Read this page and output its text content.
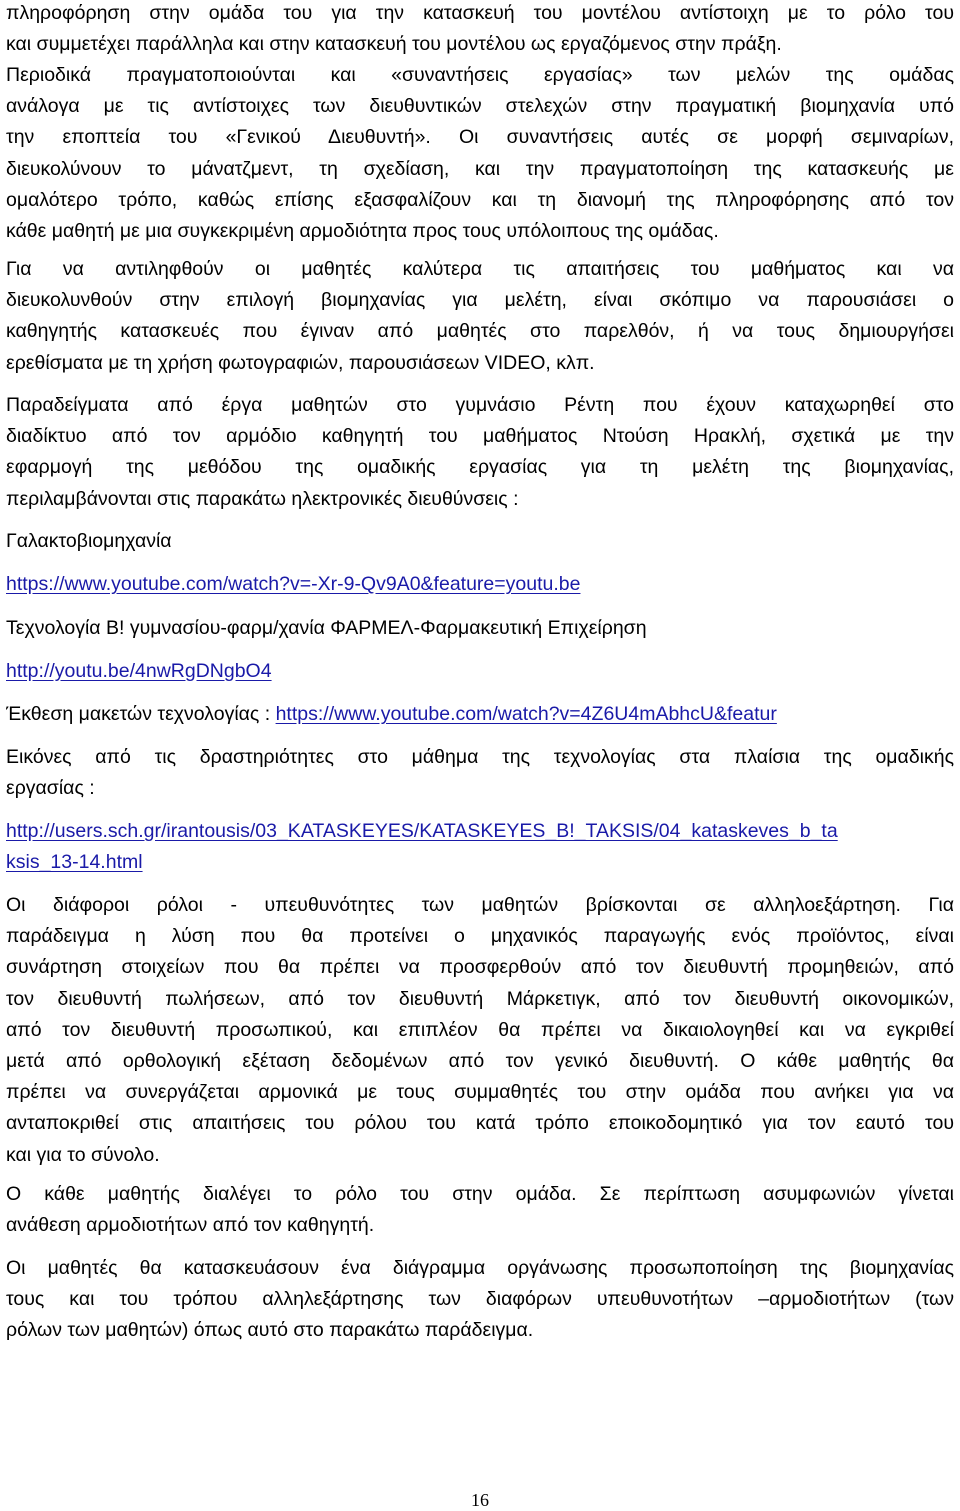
πληροφόρηση στην ομάδα του για την κατασκευή του μοντέλου αντίστοιχη με το ρόλο του
και συμμετέχει παράλληλα και στην κατασκευή του μοντέλου ως εργαζόμενος στην πράξη.

Περιοδικά πραγματοποιούνται και «συναντήσεις εργασίας» των μελών της ομάδας
ανάλογα με τις αντίστοιχες των διευθυντικών στελεχών στην πραγματική βιομηχανία υπό
την εποπτεία του «Γενικού Διευθυντή». Οι συναντήσεις αυτές σε μορφή σεμιναρίων,
διευκολύνουν το μάνατζμεντ, τη σχεδίαση, και την πραγματοποίηση της κατασκευής με
ομαλότερο τρόπο, καθώς επίσης εξασφαλίζουν και τη διανομή της πληροφόρησης από τον
κάθε μαθητή με μια συγκεκριμένη αρμοδιότητα προς τους υπόλοιπους της ομάδας.

Για να αντιληφθούν οι μαθητές καλύτερα τις απαιτήσεις του μαθήματος και να
διευκολυνθούν στην επιλογή βιομηχανίας για μελέτη, είναι σκόπιμο να παρουσιάσει ο
καθηγητής κατασκευές που έγιναν από μαθητές στο παρελθόν, ή να τους δημιουργήσει
ερεθίσματα με τη χρήση φωτογραφιών, παρουσιάσεων VIDEO, κλπ.

Παραδείγματα από έργα μαθητών στο γυμνάσιο Ρέντη που έχουν καταχωρηθεί στο
διαδίκτυο από τον αρμόδιο καθηγητή του μαθήματος Ντούση Ηρακλή, σχετικά με την
εφαρμογή της μεθόδου της ομαδικής εργασίας για τη μελέτη της βιομηχανίας,
περιλαμβάνονται στις παρακάτω ηλεκτρονικές διευθύνσεις :

Γαλακτοβιομηχανία

https://www.youtube.com/watch?v=-Xr-9-Qv9A0&feature=youtu.be

Τεχνολογία Β! γυμνασίου-φαρμ/χανία ΦΑΡΜΕΛ-Φαρμακευτική Επιχείρηση

http://youtu.be/4nwRgDNgbO4

Έκθεση μακετών τεχνολογίας : https://www.youtube.com/watch?v=4Z6U4mAbhcU&featur

Εικόνες από τις δραστηριότητες στο μάθημα της τεχνολογίας στα πλαίσια της ομαδικής
εργασίας :

http://users.sch.gr/irantousis/03_KATASKEYES/KATASKEYES_B!_TAKSIS/04_kataskeves_b_ta
ksis_13-14.html

Οι διάφοροι ρόλοι - υπευθυνότητες των μαθητών βρίσκονται σε αλληλοεξάρτηση. Για
παράδειγμα η λύση που θα προτείνει ο μηχανικός παραγωγής ενός προϊόντος, είναι
συνάρτηση στοιχείων που θα πρέπει να προσφερθούν από τον διευθυντή προμηθειών, από
τον διευθυντή πωλήσεων, από τον διευθυντή Μάρκετιγκ, από τον διευθυντή οικονομικών,
από τον διευθυντή προσωπικού, και επιπλέον θα πρέπει να δικαιολογηθεί και να εγκριθεί
μετά από ορθολογική εξέταση δεδομένων από τον γενικό διευθυντή. Ο κάθε μαθητής θα
πρέπει να συνεργάζεται αρμονικά με τους συμμαθητές του στην ομάδα που ανήκει για να
ανταποκριθεί στις απαιτήσεις του ρόλου του κατά τρόπο εποικοδομητικό για τον εαυτό του
και για το σύνολο.

Ο κάθε μαθητής διαλέγει το ρόλο του στην ομάδα. Σε περίπτωση ασυμφωνιών γίνεται
ανάθεση αρμοδιοτήτων από τον καθηγητή.

Οι μαθητές θα κατασκευάσουν ένα διάγραμμα οργάνωσης προσωποποίηση της βιομηχανίας
τους και του τρόπου αλληλεξάρτησης των διαφόρων υπευθυνοτήτων –αρμοδιοτήτων (των
ρόλων των μαθητών) όπως αυτό στο παρακάτω παράδειγμα.

16
